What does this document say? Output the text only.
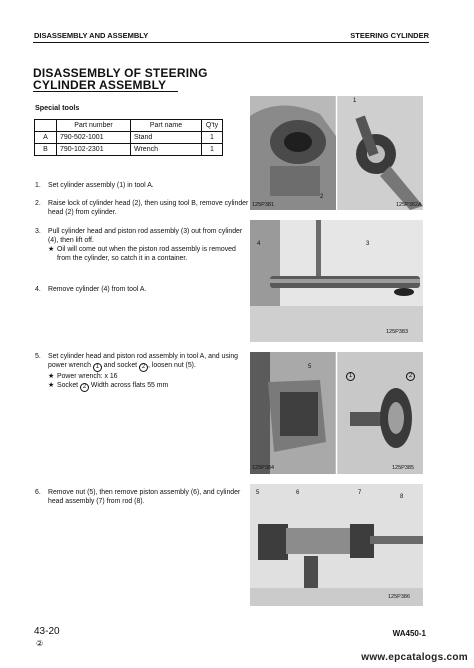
DISASSEMBLY AND ASSEMBLY	STEERING CYLINDER
DISASSEMBLY OF STEERING
CYLINDER ASSEMBLY
Special tools
	Part number	Part name	Q'ty
A	790-502-1001	Stand	1
B	790-102-2301	Wrench	1
1. Set cylinder assembly (1) in tool A.
2. Raise lock of cylinder head (2), then using tool B, remove cylinder head (2) from cylinder.
3. Pull cylinder head and piston rod assembly (3) out from cylinder (4), then lift off.
★ Oil will come out when the piston rod assembly is removed from the cylinder, so catch it in a container.
4. Remove cylinder (4) from tool A.
5. Set cylinder head and piston rod assembly in tool A, and using power wrench 1 and socket 2 , loosen nut (5).
★ Power wrench: x 16
★ Socket 2 Width across flats 55 mm
6. Remove nut (5), then remove piston assembly (6), and cylinder head assembly (7) from rod (8).
1
2
125P381	125P382A
4	3
125P383
5
1	2
125P384	125P385
5	6	7
8
125P386
43-20
②
WA450-1
www.epcatalogs.com
